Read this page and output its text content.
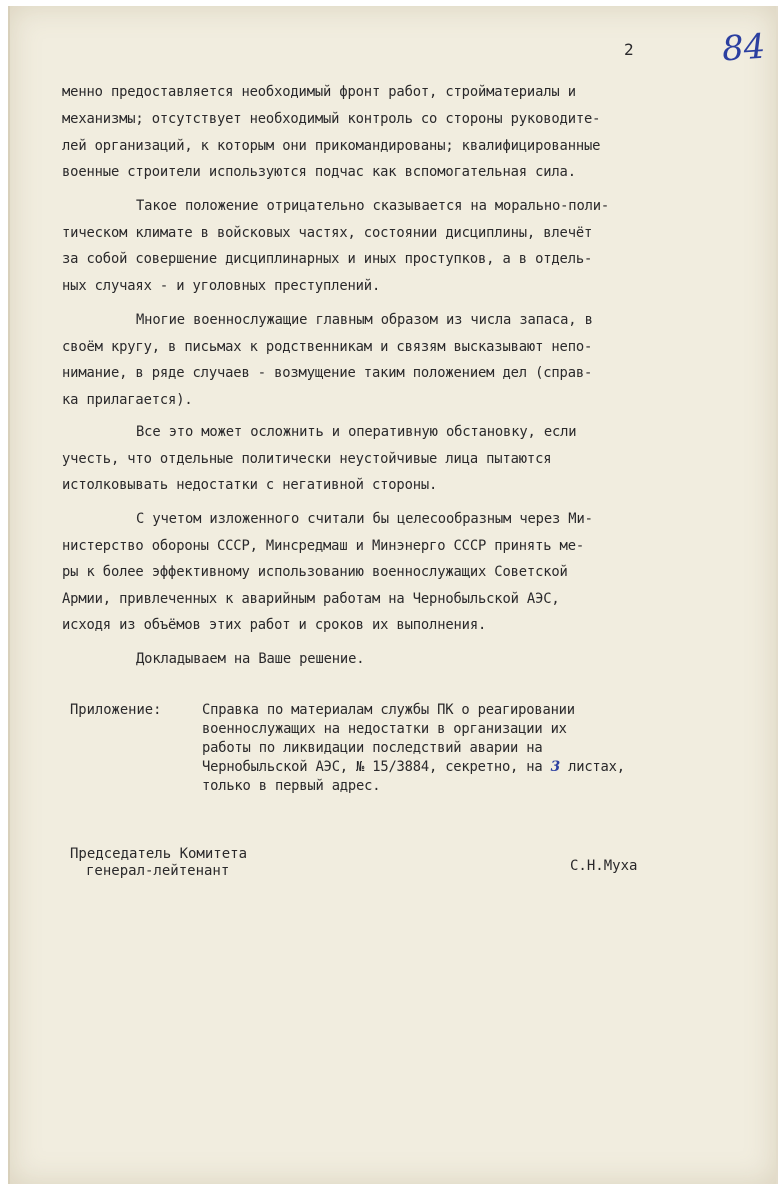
2	84
менно предоставляется необходимый фронт работ, стройматериалы и
механизмы; отсутствует необходимый контроль со стороны руководите-
лей организаций, к которым они прикомандированы; квалифицированные
военные строители используются подчас как вспомогательная сила.
Такое положение отрицательно сказывается на морально-поли-
тическом климате в войсковых частях, состоянии дисциплины, влечёт
за собой совершение дисциплинарных и иных проступков, а в отдель-
ных случаях - и уголовных преступлений.
Многие военнослужащие главным образом из числа запаса, в
своём кругу, в письмах к родственникам и связям высказывают непо-
нимание, в ряде случаев - возмущение таким положением дел (справ-
ка прилагается).
Все это может осложнить и оперативную обстановку, если
учесть, что отдельные политически неустойчивые лица пытаются
истолковывать недостатки с негативной стороны.
С учетом изложенного считали бы целесообразным через Ми-
нистерство обороны СССР, Минсредмаш и Минэнерго СССР принять ме-
ры к более эффективному использованию военнослужащих Советской
Армии, привлеченных к аварийным работам на Чернобыльской АЭС,
исходя из объёмов этих работ и сроков их выполнения.
Докладываем на Ваше решение.
Приложение:	Справка по материалам службы ПК о реагировании
военнослужащих на недостатки в организации их
работы по ликвидации последствий аварии на
Чернобыльской АЭС, № 15/3884, секретно, на 3 листах,
только в первый адрес.
Председатель Комитета
генерал-лейтенант	С.Н.Муха
